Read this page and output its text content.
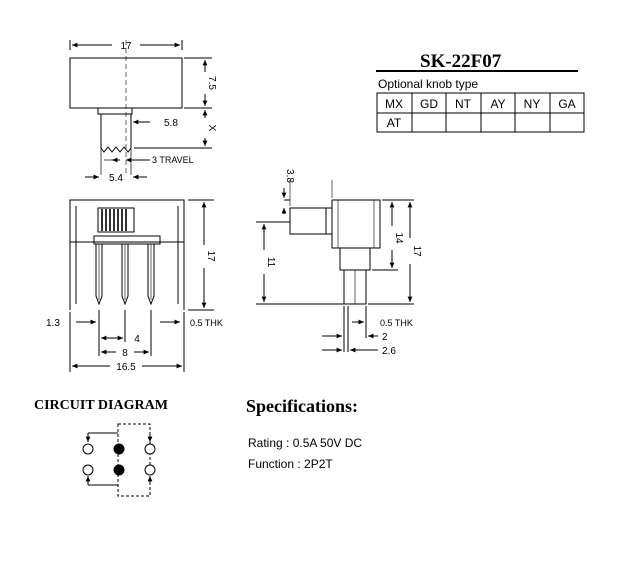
SK-22F07
Optional knob type
MX GD NT AY NY GA
AT
17
7.5
5.8	X
3 TRAVEL
5.4
17
1.3	0.5 THK
4
8
16.5
3.8
11
14
17
0.5 THK
2
2.6
CIRCUIT DIAGRAM	Specifications:
Rating : 0.5A 50V DC
Function : 2P2T
